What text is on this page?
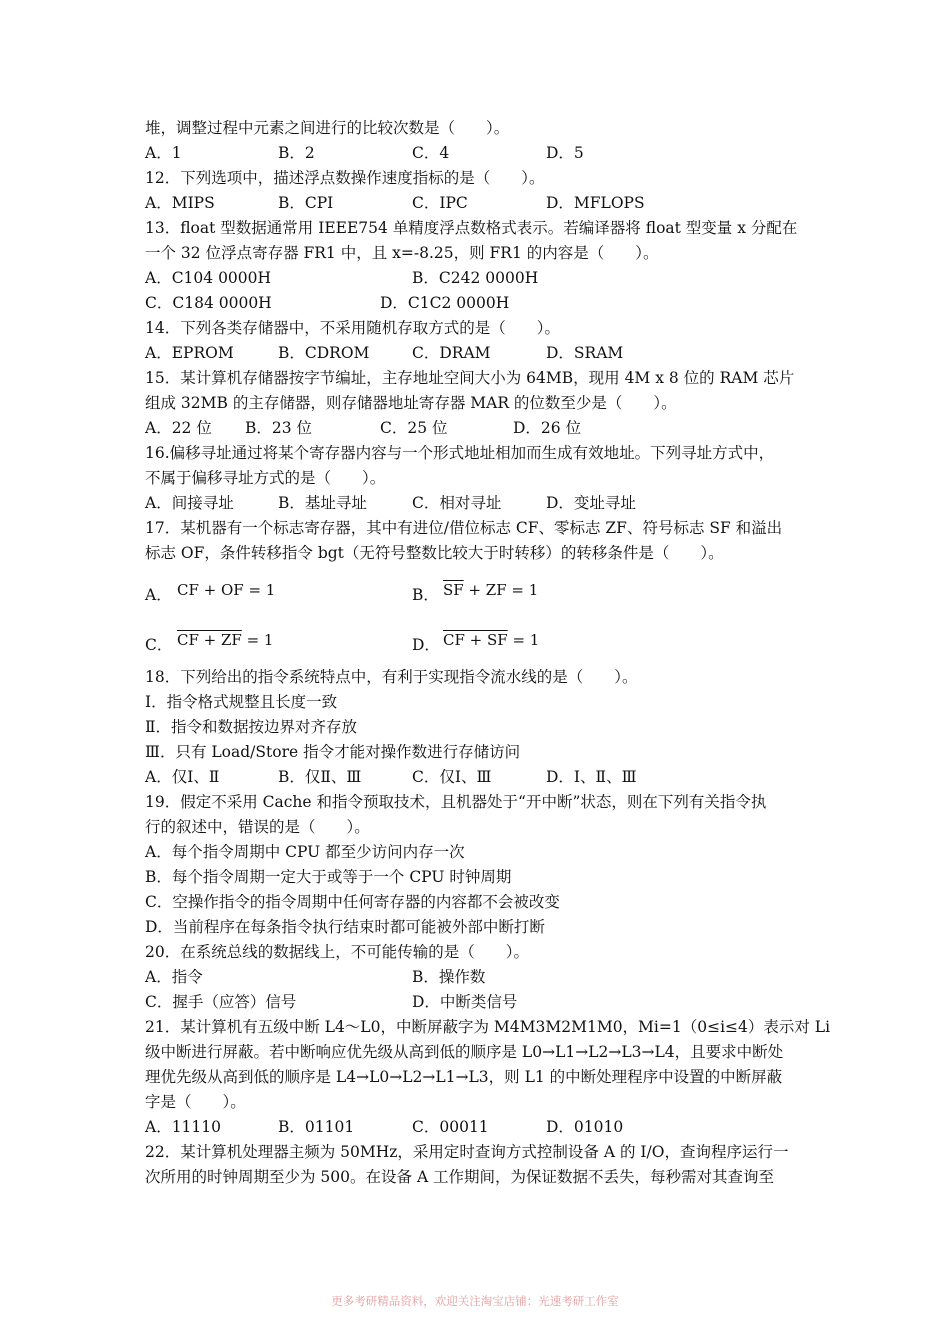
堆，调整过程中元素之间进行的比较次数是（　　）。
A．1	B．2	C．4	D．5
12．下列选项中，描述浮点数操作速度指标的是（　　）。
A．MIPS	B．CPI	C．IPC	D．MFLOPS
13．float 型数据通常用 IEEE754 单精度浮点数格式表示。若编译器将 float 型变量 x 分配在
一个 32 位浮点寄存器 FR1 中，且 x=-8.25，则 FR1 的内容是（　　）。
A．C104 0000H	B．C242 0000H
C．C184 0000H	D．C1C2 0000H
14．下列各类存储器中，不采用随机存取方式的是（　　）。
A．EPROM	B．CDROM	C．DRAM	D．SRAM
15．某计算机存储器按字节编址，主存地址空间大小为 64MB，现用 4M x 8 位的 RAM 芯片
组成 32MB 的主存储器，则存储器地址寄存器 MAR 的位数至少是（　　）。
A．22 位 B．23 位	C．25 位	D．26 位
16.偏移寻址通过将某个寄存器内容与一个形式地址相加而生成有效地址。下列寻址方式中，
不属于偏移寻址方式的是（　　）。
A．间接寻址	B．基址寻址	C．相对寻址	D．变址寻址
17．某机器有一个标志寄存器，其中有进位/借位标志 CF、零标志 ZF、符号标志 SF 和溢出
标志 OF，条件转移指令 bgt（无符号整数比较大于时转移）的转移条件是（　　）。
A． CF + OF = 1	B． $\overline{SF}$ + ZF = 1
C． CF + ZF = 1	D． CF + SF = 1
18．下列给出的指令系统特点中，有利于实现指令流水线的是（　　）。
Ⅰ．指令格式规整且长度一致
Ⅱ．指令和数据按边界对齐存放
Ⅲ．只有 Load/Store 指令才能对操作数进行存储访问
A．仅Ⅰ、Ⅱ	B．仅Ⅱ、Ⅲ	C．仅Ⅰ、Ⅲ	D．Ⅰ、Ⅱ、Ⅲ
19．假定不采用 Cache 和指令预取技术，且机器处于“开中断”状态，则在下列有关指令执
行的叙述中，错误的是（　　）。
A．每个指令周期中 CPU 都至少访问内存一次
B．每个指令周期一定大于或等于一个 CPU 时钟周期
C．空操作指令的指令周期中任何寄存器的内容都不会被改变
D．当前程序在每条指令执行结束时都可能被外部中断打断
20．在系统总线的数据线上，不可能传输的是（　　）。
A．指令	B．操作数
C．握手（应答）信号	D．中断类信号
21．某计算机有五级中断 L4～L0，中断屏蔽字为 M4M3M2M1M0，Mi=1（0≤i≤4）表示对 Li
级中断进行屏蔽。若中断响应优先级从高到低的顺序是 L0→L1→L2→L3→L4，且要求中断处
理优先级从高到低的顺序是 L4→L0→L2→L1→L3，则 L1 的中断处理程序中设置的中断屏蔽
字是（　　）。
A．11110	B．01101	C．00011	D．01010
22．某计算机处理器主频为 50MHz，采用定时查询方式控制设备 A 的 I/O，查询程序运行一
次所用的时钟周期至少为 500。在设备 A 工作期间，为保证数据不丢失，每秒需对其查询至
更多考研精品资料，欢迎关注淘宝店铺：光速考研工作室
